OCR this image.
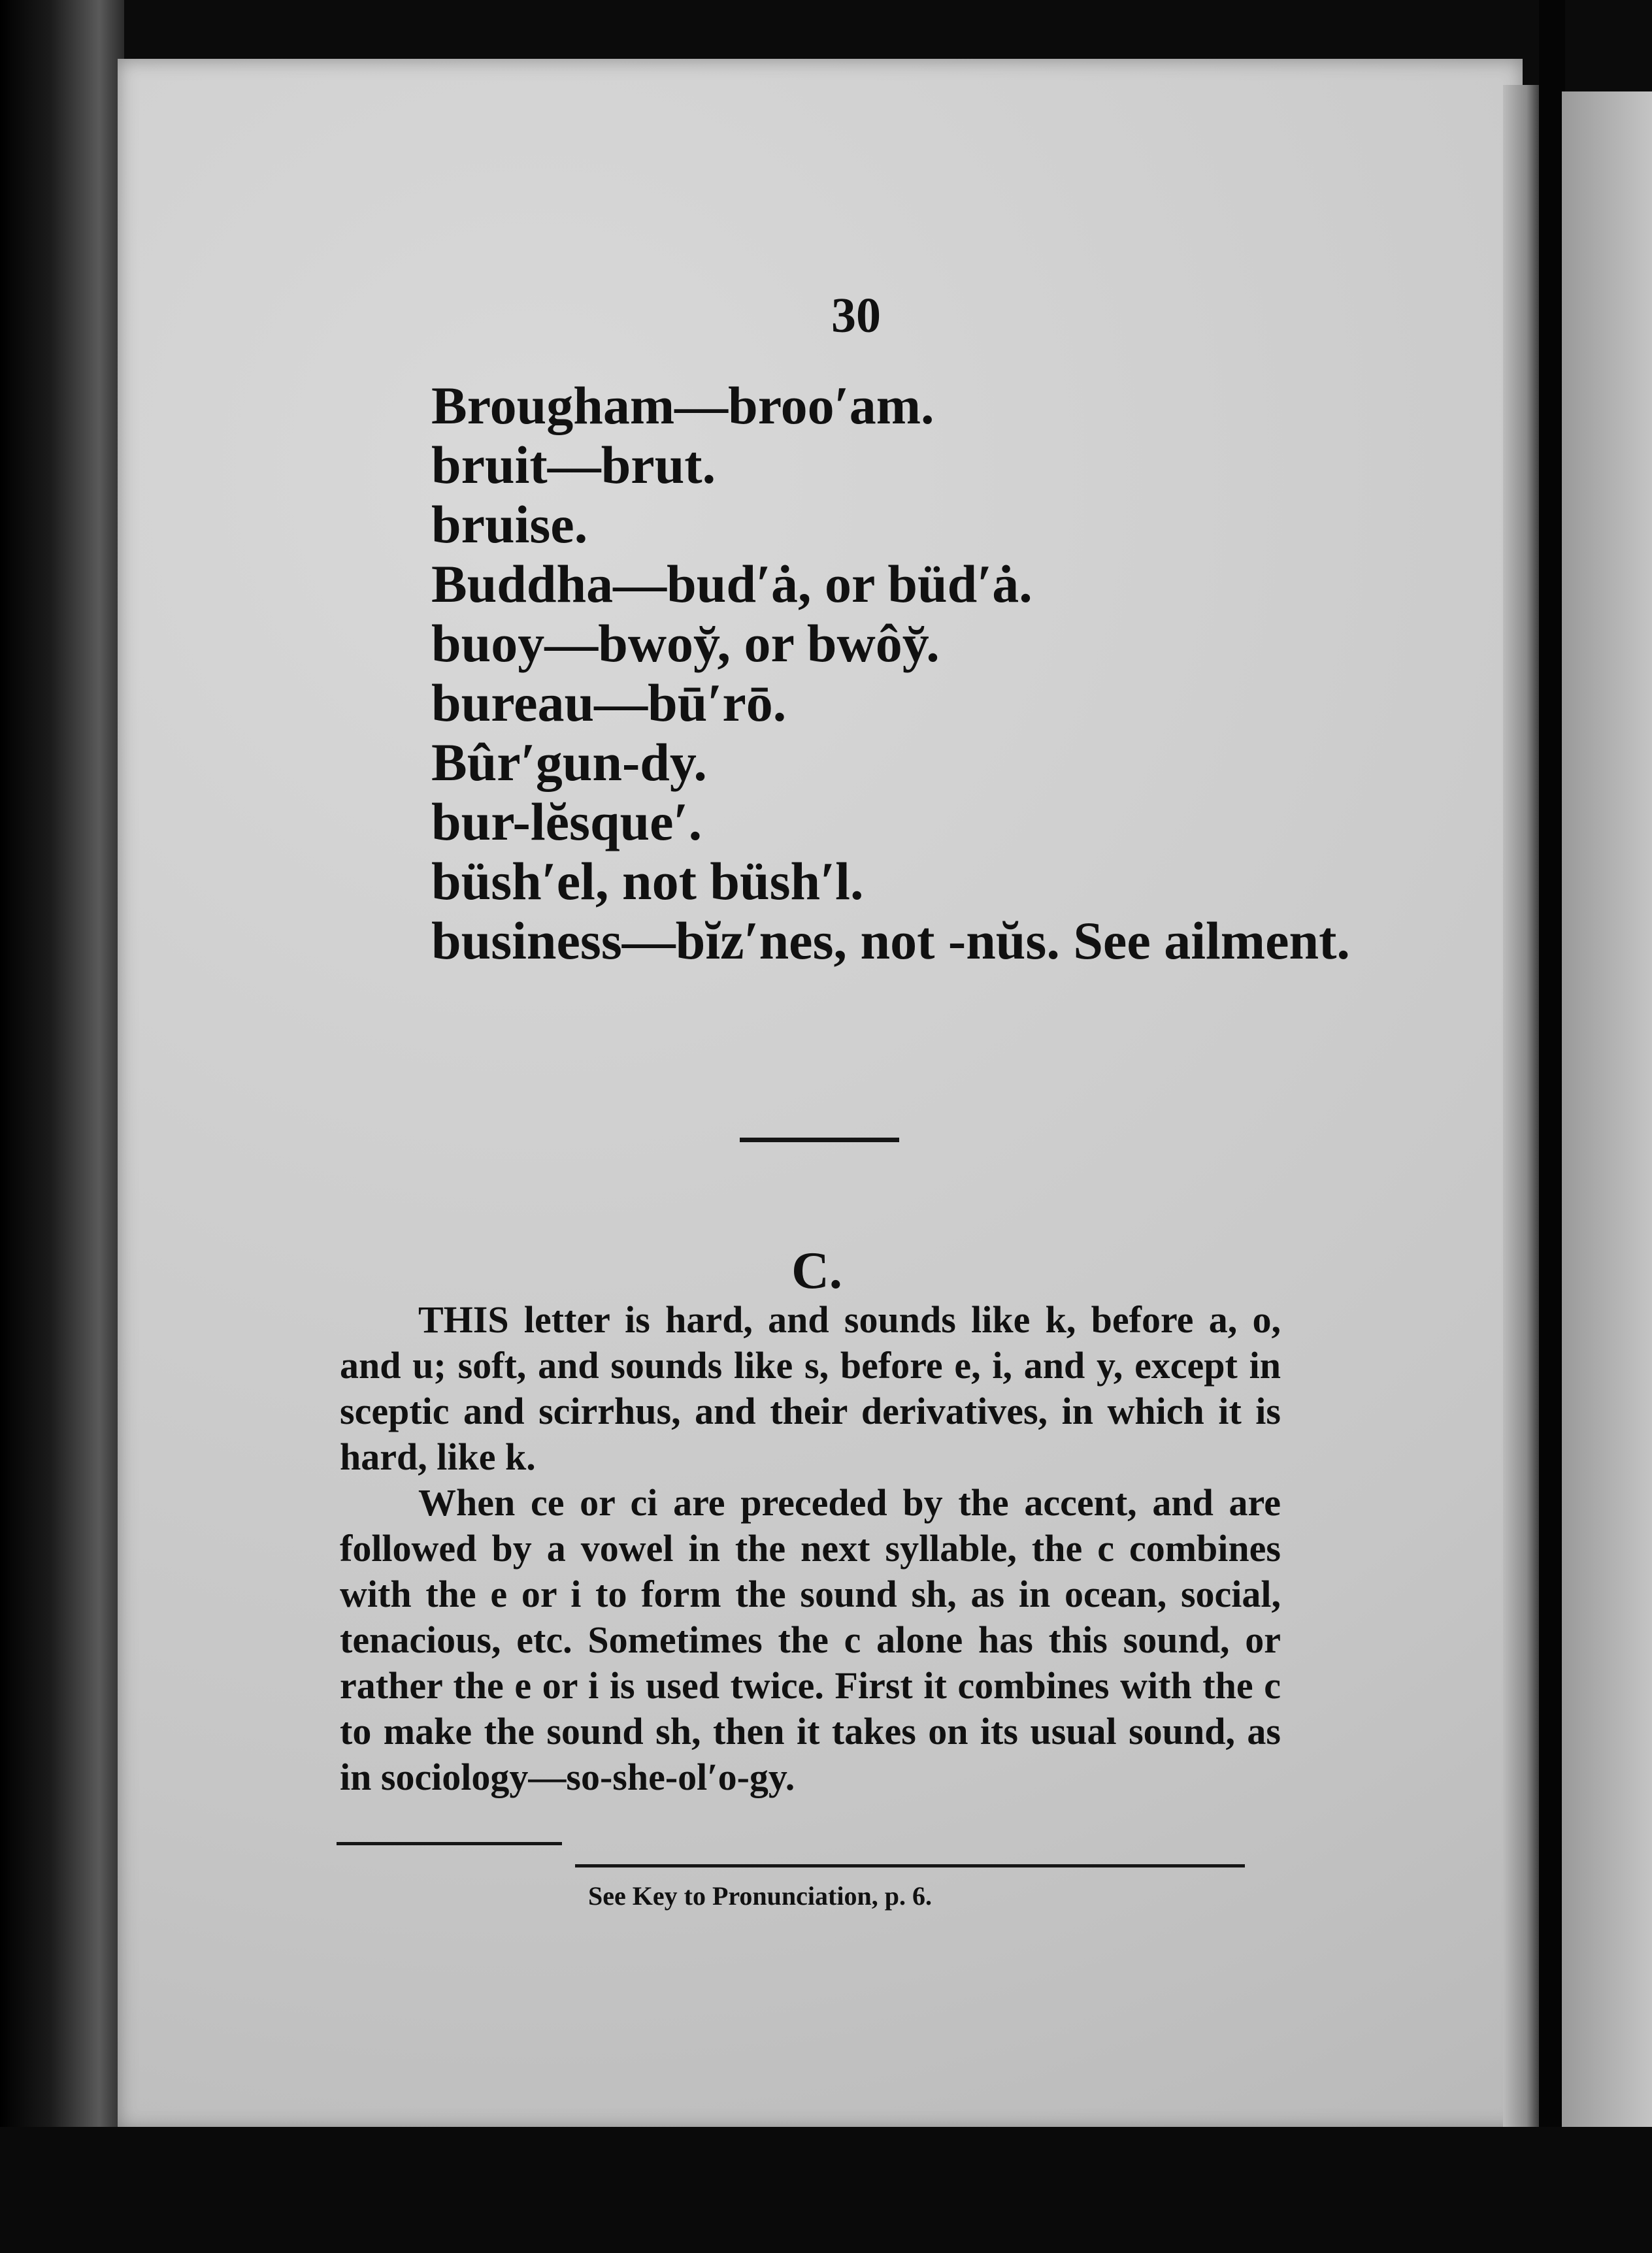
30
Brougham—broo′am.
bruit—brut.
bruise.
Buddha—bud′ȧ, or büd′ȧ.
buoy—bwoy̆, or bwôy̆.
bureau—bū′rō.
Bûr′gun-dy.
bur-lĕsque′.
büsh′el, not büsh′l.
business—bĭz′nes, not -nŭs. See ailment.
C.

THIS letter is hard, and sounds like k, before a, o, and u; soft, and sounds like s, before e, i, and y, except in sceptic and scirrhus, and their derivatives, in which it is hard, like k.

When ce or ci are preceded by the accent, and are followed by a vowel in the next syllable, the c combines with the e or i to form the sound sh, as in ocean, social, tenacious, etc. Sometimes the c alone has this sound, or rather the e or i is used twice. First it combines with the c to make the sound sh, then it takes on its usual sound, as in sociology—so-she-ol′o-gy.

See Key to Pronunciation, p. 6.
